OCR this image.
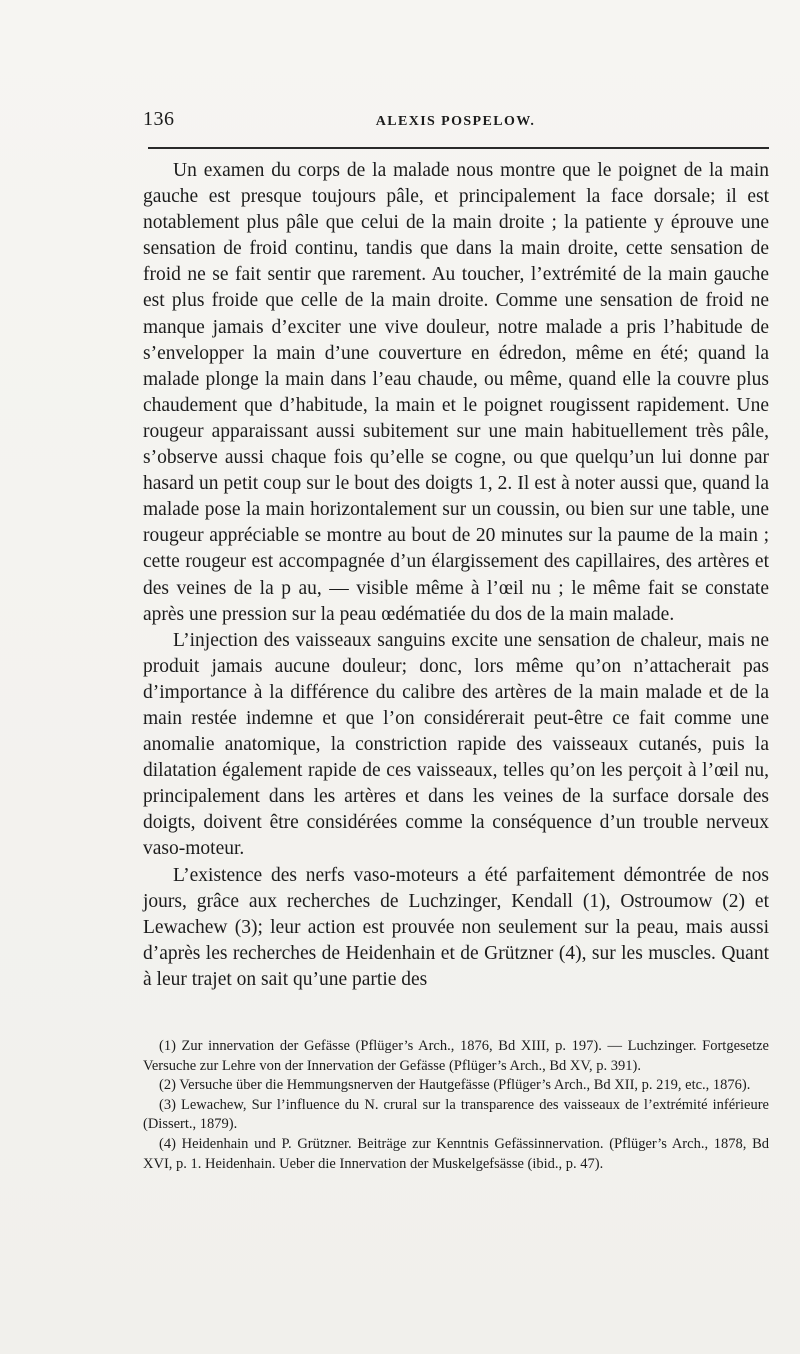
136	ALEXIS POSPELOW.

Un examen du corps de la malade nous montre que le poignet de la main gauche est presque toujours pâle, et principalement la face dorsale; il est notablement plus pâle que celui de la main droite ; la patiente y éprouve une sensation de froid continu, tandis que dans la main droite, cette sensation de froid ne se fait sentir que rarement. Au toucher, l’extrémité de la main gauche est plus froide que celle de la main droite. Comme une sensation de froid ne manque jamais d’exciter une vive douleur, notre malade a pris l’habitude de s’envelopper la main d’une couverture en édredon, même en été; quand la malade plonge la main dans l’eau chaude, ou même, quand elle la couvre plus chaudement que d’habitude, la main et le poignet rougissent rapidement. Une rougeur apparaissant aussi subitement sur une main habituellement très pâle, s’observe aussi chaque fois qu’elle se cogne, ou que quelqu’un lui donne par hasard un petit coup sur le bout des doigts 1, 2. Il est à noter aussi que, quand la malade pose la main horizontalement sur un coussin, ou bien sur une table, une rougeur appréciable se montre au bout de 20 minutes sur la paume de la main ; cette rougeur est accompagnée d’un élargissement des capillaires, des artères et des veines de la p au, — visible même à l’œil nu ; le même fait se constate après une pression sur la peau œdématiée du dos de la main malade.

L’injection des vaisseaux sanguins excite une sensation de chaleur, mais ne produit jamais aucune douleur; donc, lors même qu’on n’attacherait pas d’importance à la différence du calibre des artères de la main malade et de la main restée indemne et que l’on considérerait peut-être ce fait comme une anomalie anatomique, la constriction rapide des vaisseaux cutanés, puis la dilatation également rapide de ces vaisseaux, telles qu’on les perçoit à l’œil nu, principalement dans les artères et dans les veines de la surface dorsale des doigts, doivent être considérées comme la conséquence d’un trouble nerveux vaso-moteur.

L’existence des nerfs vaso-moteurs a été parfaitement démontrée de nos jours, grâce aux recherches de Luchzinger, Kendall (1), Ostroumow (2) et Lewachew (3); leur action est prouvée non seulement sur la peau, mais aussi d’après les recherches de Heidenhain et de Grützner (4), sur les muscles. Quant à leur trajet on sait qu’une partie des

(1) Zur innervation der Gefässe (Pflüger’s Arch., 1876, Bd XIII, p. 197). — Luchzinger. Fortgesetze Versuche zur Lehre von der Innervation der Gefässe (Pflüger’s Arch., Bd XV, p. 391).

(2) Versuche über die Hemmungsnerven der Hautgefässe (Pflüger’s Arch., Bd XII, p. 219, etc., 1876).

(3) Lewachew, Sur l’influence du N. crural sur la transparence des vaisseaux de l’extrémité inférieure (Dissert., 1879).

(4) Heidenhain und P. Grützner. Beiträge zur Kenntnis Gefässinnervation. (Pflüger’s Arch., 1878, Bd XVI, p. 1. Heidenhain. Ueber die Innervation der Muskelgefsässe (ibid., p. 47).
